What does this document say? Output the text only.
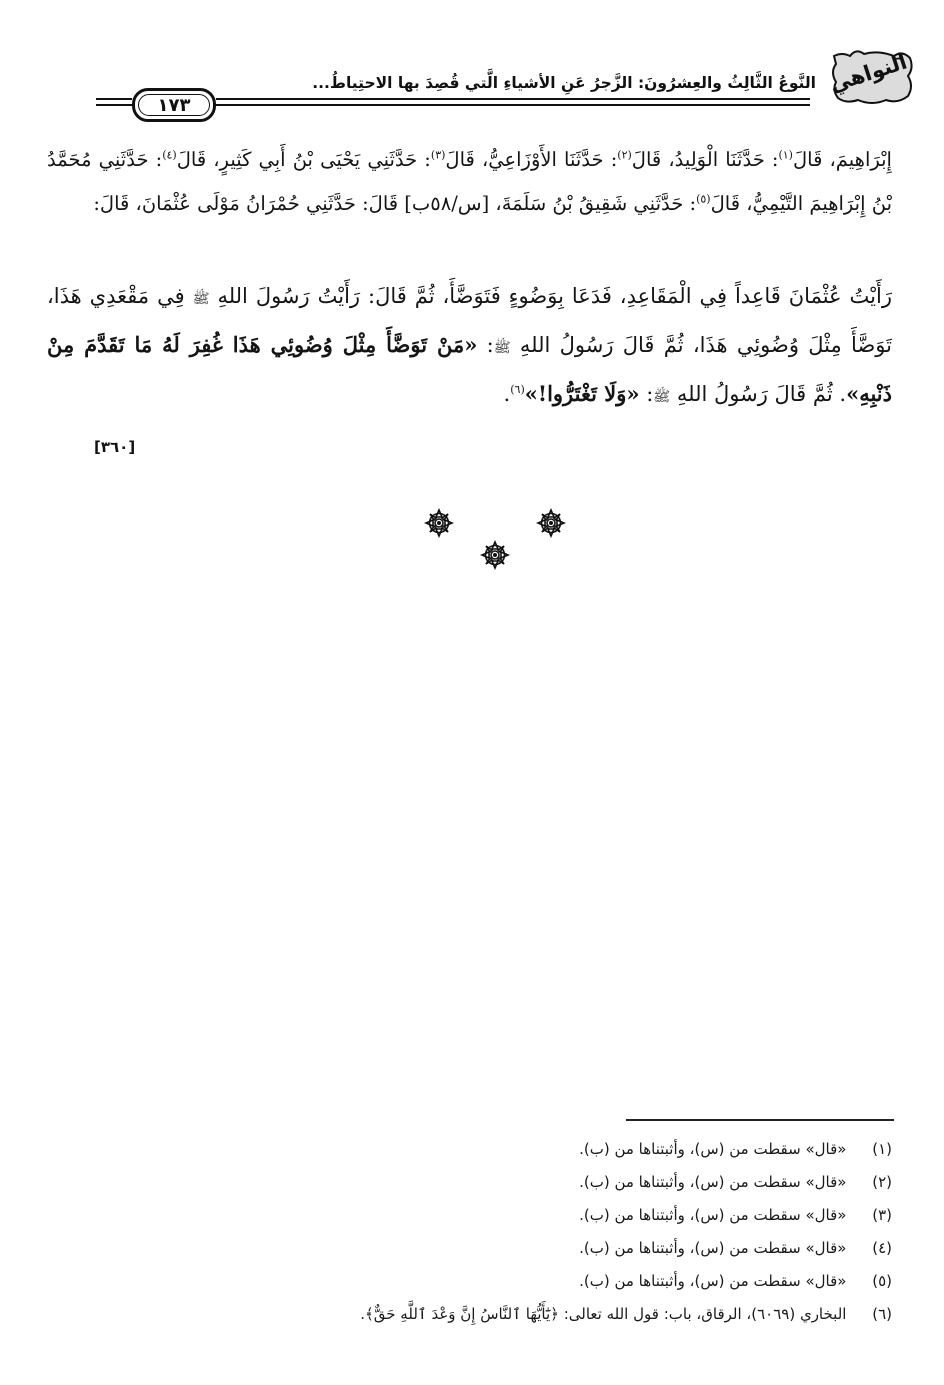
النواهي
النَّوعُ الثَّالِثُ والعِشرُونَ: الزَّجرُ عَنِ الأشياءِ الَّتي قُصِدَ بها الاحتِياطُ...
١٧٣

إِبْرَاهِيمَ، قَالَ$^{(١)}$: حَدَّثَنَا الْوَلِيدُ، قَالَ$^{(٢)}$: حَدَّثَنَا الأَوْزَاعِيُّ، قَالَ$^{(٣)}$: حَدَّثَنِي يَحْيَى بْنُ أَبِي كَثِيرٍ، قَالَ$^{(٤)}$: حَدَّثَنِي مُحَمَّدُ بْنُ إِبْرَاهِيمَ التَّيْمِيُّ، قَالَ$^{(٥)}$: حَدَّثَنِي شَقِيقُ بْنُ سَلَمَةَ، [س/٥٨ب] قَالَ: حَدَّثَنِي حُمْرَانُ مَوْلَى عُثْمَانَ، قَالَ:

رَأَيْتُ عُثْمَانَ قَاعِداً فِي الْمَقَاعِدِ، فَدَعَا بِوَضُوءٍ فَتَوَضَّأَ، ثُمَّ قَالَ: رَأَيْتُ رَسُولَ اللهِ ﷺ فِي مَقْعَدِي هَذَا، تَوَضَّأَ مِثْلَ وُضُوئِي هَذَا، ثُمَّ قَالَ رَسُولُ اللهِ ﷺ: «مَنْ تَوَضَّأَ مِثْلَ وُضُوئِي هَذَا غُفِرَ لَهُ مَا تَقَدَّمَ مِنْ ذَنْبِهِ». ثُمَّ قَالَ رَسُولُ اللهِ ﷺ: «وَلَا تَغْتَرُّوا!»$^{(٦)}$.

[٣٦٠]
(١)  «قال» سقطت من (س)، وأثبتناها من (ب).
(٢)  «قال» سقطت من (س)، وأثبتناها من (ب).
(٣)  «قال» سقطت من (س)، وأثبتناها من (ب).
(٤)  «قال» سقطت من (س)، وأثبتناها من (ب).
(٥)  «قال» سقطت من (س)، وأثبتناها من (ب).
(٦)  البخاري (٦٠٦٩)، الرقاق، باب: قول الله تعالى: ﴿يَٰٓأَيُّهَا ٱلنَّاسُ إِنَّ وَعْدَ ٱللَّهِ حَقٌّ﴾.
